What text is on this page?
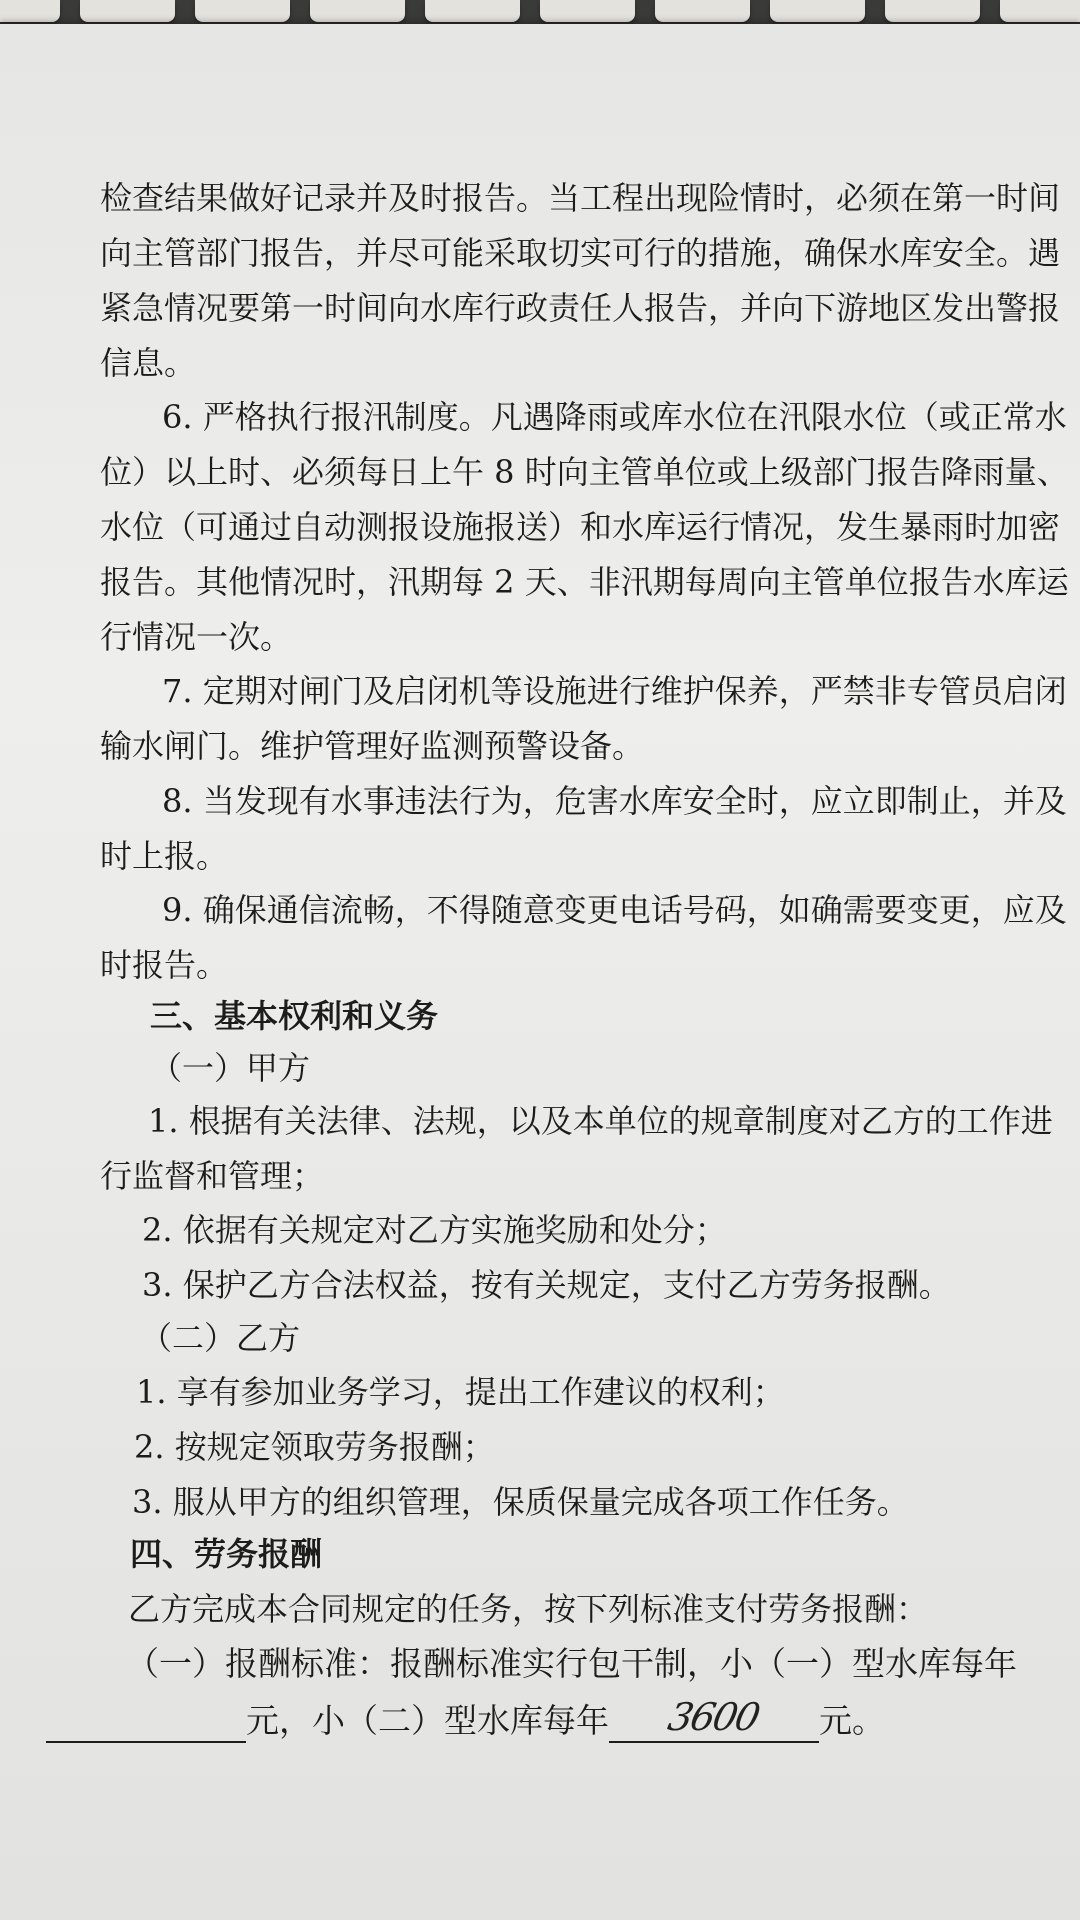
检查结果做好记录并及时报告。当工程出现险情时，必须在第一时间

向主管部门报告，并尽可能采取切实可行的措施，确保水库安全。遇

紧急情况要第一时间向水库行政责任人报告，并向下游地区发出警报

信息。

6. 严格执行报汛制度。凡遇降雨或库水位在汛限水位（或正常水

位）以上时、必须每日上午 8 时向主管单位或上级部门报告降雨量、

水位（可通过自动测报设施报送）和水库运行情况，发生暴雨时加密

报告。其他情况时，汛期每 2 天、非汛期每周向主管单位报告水库运

行情况一次。

7. 定期对闸门及启闭机等设施进行维护保养，严禁非专管员启闭

输水闸门。维护管理好监测预警设备。

8. 当发现有水事违法行为，危害水库安全时，应立即制止，并及

时上报。

9. 确保通信流畅，不得随意变更电话号码，如确需要变更，应及

时报告。

三、基本权利和义务

（一）甲方

1. 根据有关法律、法规，以及本单位的规章制度对乙方的工作进

行监督和管理；

2. 依据有关规定对乙方实施奖励和处分；

3. 保护乙方合法权益，按有关规定，支付乙方劳务报酬。

（二）乙方

1. 享有参加业务学习，提出工作建议的权利；

2. 按规定领取劳务报酬；

3. 服从甲方的组织管理，保质保量完成各项工作任务。

四、劳务报酬

乙方完成本合同规定的任务，按下列标准支付劳务报酬：

（一）报酬标准：报酬标准实行包干制，小（一）型水库每年

元，小（二）型水库每年 3600 元。
